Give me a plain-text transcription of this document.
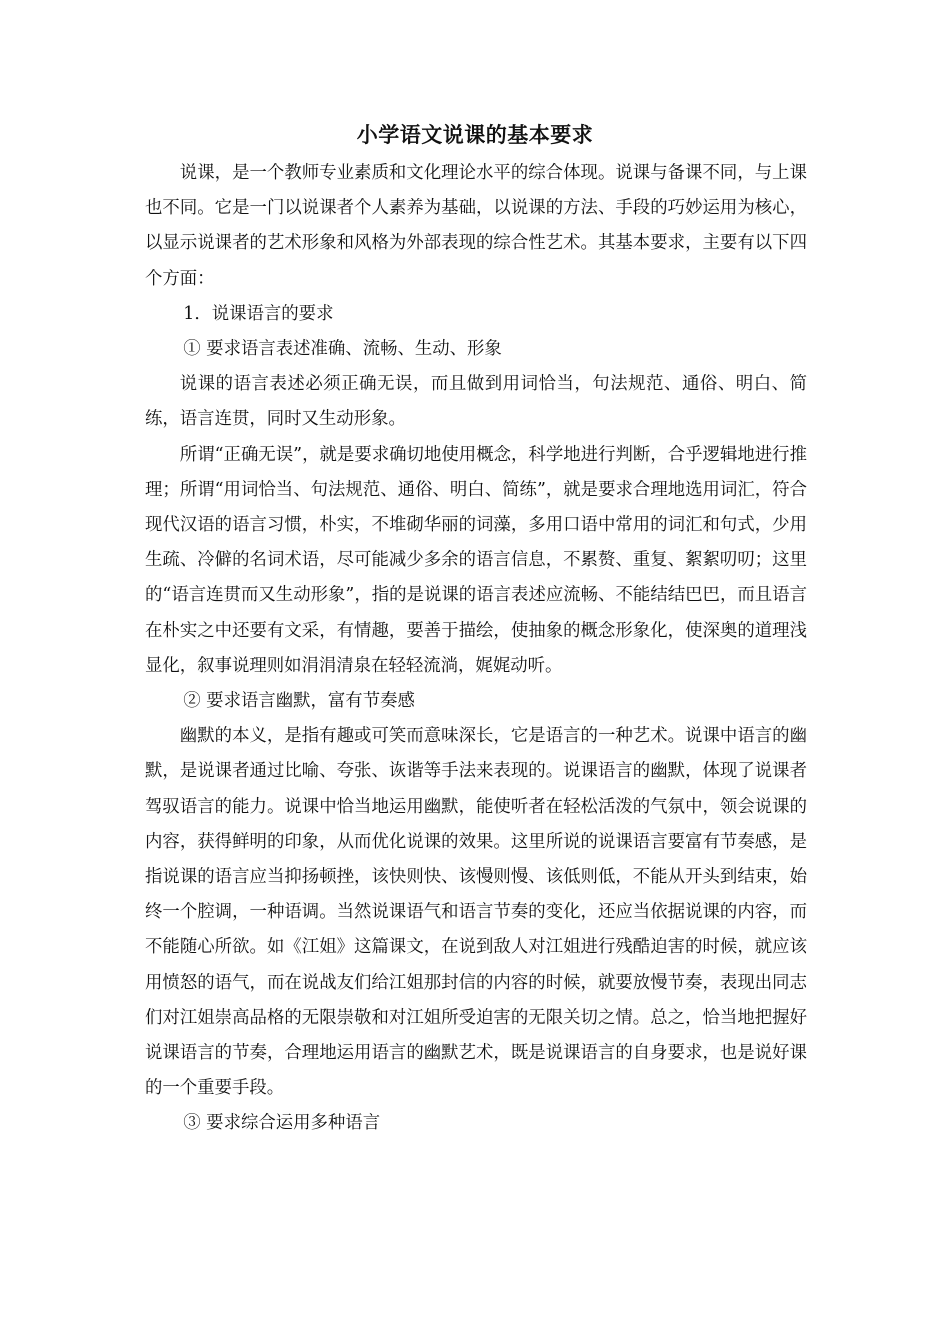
小学语文说课的基本要求

说课，是一个教师专业素质和文化理论水平的综合体现。说课与备课不同，与上课也不同。它是一门以说课者个人素养为基础，以说课的方法、手段的巧妙运用为核心，以显示说课者的艺术形象和风格为外部表现的综合性艺术。其基本要求，主要有以下四个方面：

1．说课语言的要求

① 要求语言表述准确、流畅、生动、形象

说课的语言表述必须正确无误，而且做到用词恰当，句法规范、通俗、明白、简练，语言连贯，同时又生动形象。

所谓“正确无误”，就是要求确切地使用概念，科学地进行判断，合乎逻辑地进行推理；所谓“用词恰当、句法规范、通俗、明白、简练”，就是要求合理地选用词汇，符合现代汉语的语言习惯，朴实，不堆砌华丽的词藻，多用口语中常用的词汇和句式，少用生疏、冷僻的名词术语，尽可能减少多余的语言信息，不累赘、重复、絮絮叨叨；这里的“语言连贯而又生动形象”，指的是说课的语言表述应流畅、不能结结巴巴，而且语言在朴实之中还要有文采，有情趣，要善于描绘，使抽象的概念形象化，使深奥的道理浅显化，叙事说理则如涓涓清泉在轻轻流淌，娓娓动听。

② 要求语言幽默，富有节奏感

幽默的本义，是指有趣或可笑而意味深长，它是语言的一种艺术。说课中语言的幽默，是说课者通过比喻、夸张、诙谐等手法来表现的。说课语言的幽默，体现了说课者驾驭语言的能力。说课中恰当地运用幽默，能使听者在轻松活泼的气氛中，领会说课的内容，获得鲜明的印象，从而优化说课的效果。这里所说的说课语言要富有节奏感，是指说课的语言应当抑扬顿挫，该快则快、该慢则慢、该低则低，不能从开头到结束，始终一个腔调，一种语调。当然说课语气和语言节奏的变化，还应当依据说课的内容，而不能随心所欲。如《江姐》这篇课文，在说到敌人对江姐进行残酷迫害的时候，就应该用愤怒的语气，而在说战友们给江姐那封信的内容的时候，就要放慢节奏，表现出同志们对江姐崇高品格的无限崇敬和对江姐所受迫害的无限关切之情。总之，恰当地把握好说课语言的节奏，合理地运用语言的幽默艺术，既是说课语言的自身要求，也是说好课的一个重要手段。

③ 要求综合运用多种语言
